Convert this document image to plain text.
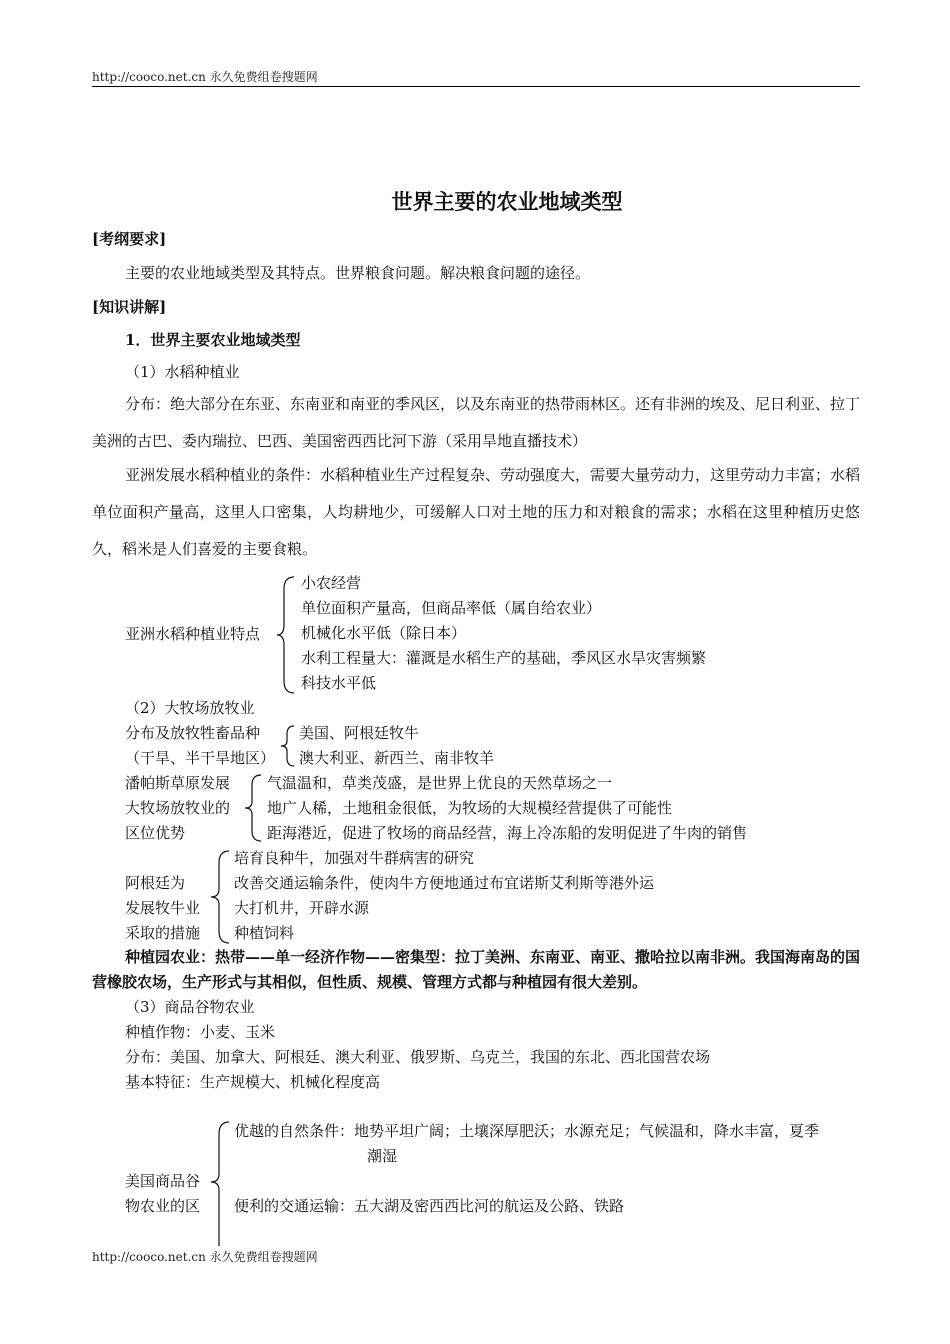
http://cooco.net.cn 永久免费组卷搜题网
世界主要的农业地域类型
[考纲要求]
主要的农业地域类型及其特点。世界粮食问题。解决粮食问题的途径。
[知识讲解]
1．世界主要农业地域类型
（1）水稻种植业
分布：绝大部分在东亚、东南亚和南亚的季风区，以及东南亚的热带雨林区。还有非洲的埃及、尼日利亚、拉丁美洲的古巴、委内瑞拉、巴西、美国密西西比河下游（采用旱地直播技术）
亚洲发展水稻种植业的条件：水稻种植业生产过程复杂、劳动强度大，需要大量劳动力，这里劳动力丰富；水稻单位面积产量高，这里人口密集，人均耕地少，可缓解人口对土地的压力和对粮食的需求；水稻在这里种植历史悠久，稻米是人们喜爱的主要食粮。
亚洲水稻种植业特点
小农经营
单位面积产量高，但商品率低（属自给农业）
机械化水平低（除日本）
水利工程量大：灌溉是水稻生产的基础，季风区水旱灾害频繁
科技水平低
（2）大牧场放牧业
分布及放牧牲畜品种
（干旱、半干旱地区）
美国、阿根廷牧牛
澳大利亚、新西兰、南非牧羊
潘帕斯草原发展
大牧场放牧业的
区位优势
气温温和，草类茂盛，是世界上优良的天然草场之一
地广人稀，土地租金很低，为牧场的大规模经营提供了可能性
距海港近，促进了牧场的商品经营，海上冷冻船的发明促进了牛肉的销售
阿根廷为
发展牧牛业
采取的措施
培育良种牛，加强对牛群病害的研究
改善交通运输条件，使肉牛方便地通过布宜诺斯艾利斯等港外运
大打机井，开辟水源
种植饲料
种植园农业：热带——单一经济作物——密集型：拉丁美洲、东南亚、南亚、撒哈拉以南非洲。我国海南岛的国营橡胶农场，生产形式与其相似，但性质、规模、管理方式都与种植园有很大差别。
（3）商品谷物农业
种植作物：小麦、玉米
分布：美国、加拿大、阿根廷、澳大利亚、俄罗斯、乌克兰，我国的东北、西北国营农场
基本特征：生产规模大、机械化程度高
美国商品谷
物农业的区
优越的自然条件：地势平坦广阔；土壤深厚肥沃；水源充足；气候温和，降水丰富，夏季
潮湿
便利的交通运输：五大湖及密西西比河的航运及公路、铁路
http://cooco.net.cn 永久免费组卷搜题网
